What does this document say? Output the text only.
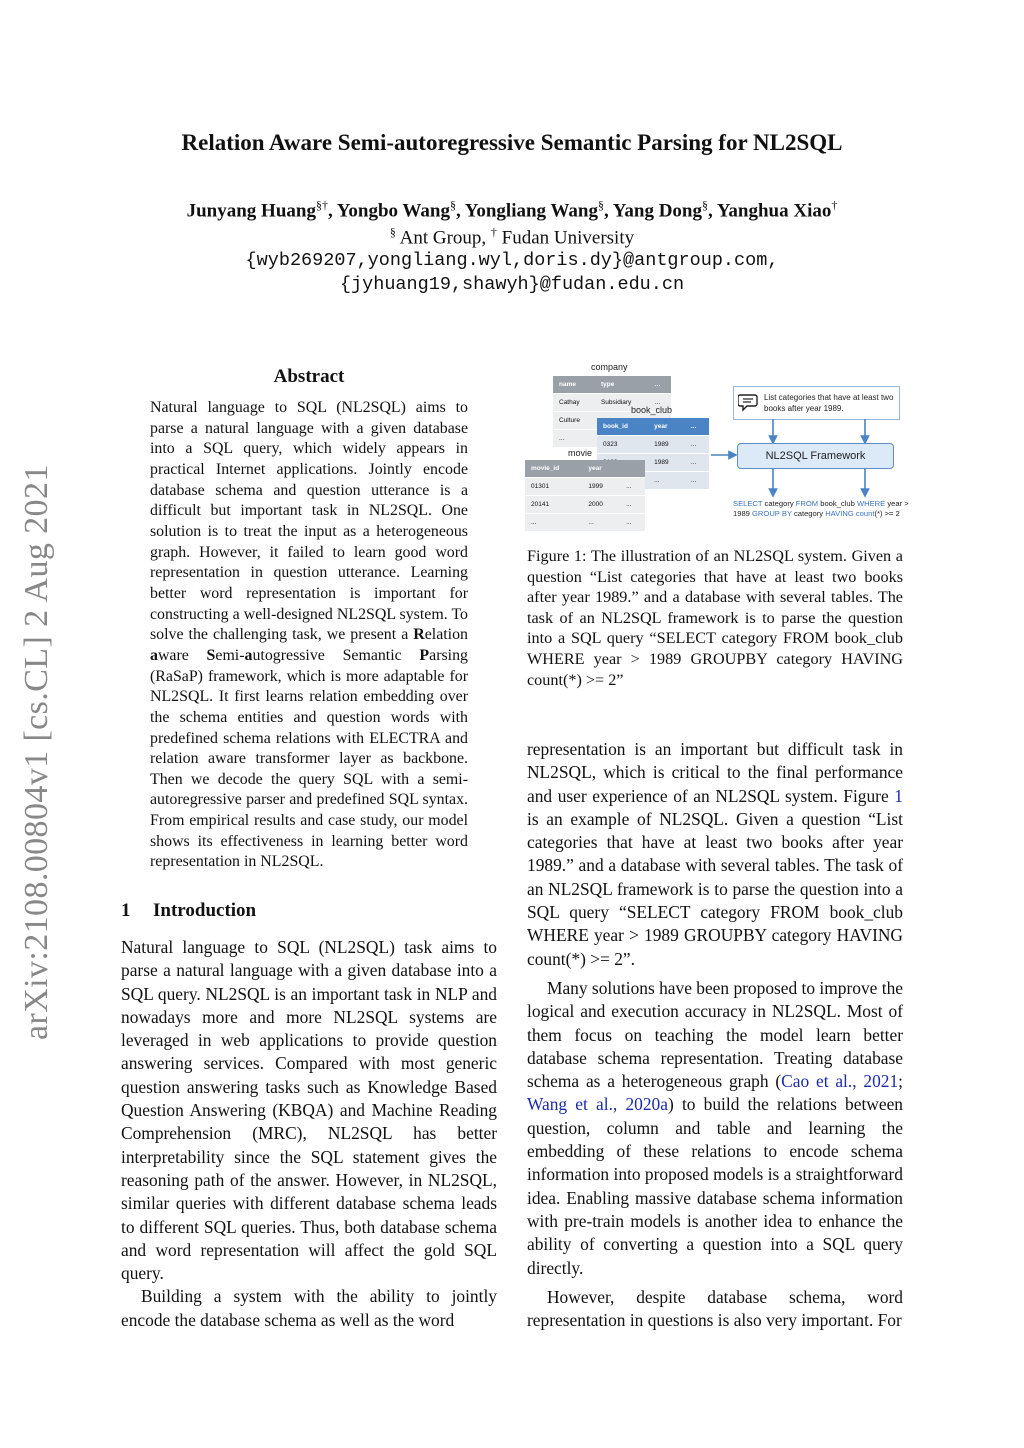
Relation Aware Semi-autoregressive Semantic Parsing for NL2SQL
Junyang Huang§†, Yongbo Wang§, Yongliang Wang§, Yang Dong§, Yanghua Xiao†
§ Ant Group, † Fudan University
{wyb269207,yongliang.wyl,doris.dy}@antgroup.com,
{jyhuang19,shawyh}@fudan.edu.cn
arXiv:2108.00804v1 [cs.CL] 2 Aug 2021
Abstract
Natural language to SQL (NL2SQL) aims to parse a natural language with a given database into a SQL query, which widely appears in practical Internet applications. Jointly encode database schema and question utterance is a difficult but important task in NL2SQL. One solution is to treat the input as a heterogeneous graph. However, it failed to learn good word representation in question utterance. Learning better word representation is important for constructing a well-designed NL2SQL system. To solve the challenging task, we present a Relation aware Semi-autogressive Semantic Parsing (RaSaP) framework, which is more adaptable for NL2SQL. It first learns relation embedding over the schema entities and question words with predefined schema relations with ELECTRA and relation aware transformer layer as backbone. Then we decode the query SQL with a semi-autoregressive parser and predefined SQL syntax. From empirical results and case study, our model shows its effectiveness in learning better word representation in NL2SQL.
1 Introduction

Natural language to SQL (NL2SQL) task aims to parse a natural language with a given database into a SQL query. NL2SQL is an important task in NLP and nowadays more and more NL2SQL systems are leveraged in web applications to provide question answering services. Compared with most generic question answering tasks such as Knowledge Based Question Answering (KBQA) and Machine Reading Comprehension (MRC), NL2SQL has better interpretability since the SQL statement gives the reasoning path of the answer. However, in NL2SQL, similar queries with different database schema leads to different SQL queries. Thus, both database schema and word representation will affect the gold SQL query.

Building a system with the ability to jointly encode the database schema as well as the word

company
name	type	...
Cathay	Subsidiary	...
Culture		
...		
book_club
book_id	year	...
0323	1989	...
	1989	...
	...	...
movie
movie_id	year	
01301	1999	...
20141	2000	...
...	...	...
List categories that have at least two books after year 1989.
NL2SQL Framework
SELECT category FROM book_club WHERE year > 1989 GROUP BY category HAVING count(*) >= 2
Figure 1: The illustration of an NL2SQL system. Given a question “List categories that have at least two books after year 1989.” and a database with several tables. The task of an NL2SQL framework is to parse the question into a SQL query “SELECT category FROM book_club WHERE year > 1989 GROUPBY category HAVING count(*) >= 2”

representation is an important but difficult task in NL2SQL, which is critical to the final performance and user experience of an NL2SQL system. Figure 1 is an example of NL2SQL. Given a question “List categories that have at least two books after year 1989.” and a database with several tables. The task of an NL2SQL framework is to parse the question into a SQL query “SELECT category FROM book_club WHERE year > 1989 GROUPBY category HAVING count(*) >= 2”.

Many solutions have been proposed to improve the logical and execution accuracy in NL2SQL. Most of them focus on teaching the model learn better database schema representation. Treating database schema as a heterogeneous graph (Cao et al., 2021; Wang et al., 2020a) to build the relations between question, column and table and learning the embedding of these relations to encode schema information into proposed models is a straightforward idea. Enabling massive database schema information with pre-train models is another idea to enhance the ability of converting a question into a SQL query directly.

However, despite database schema, word representation in questions is also very important. For
